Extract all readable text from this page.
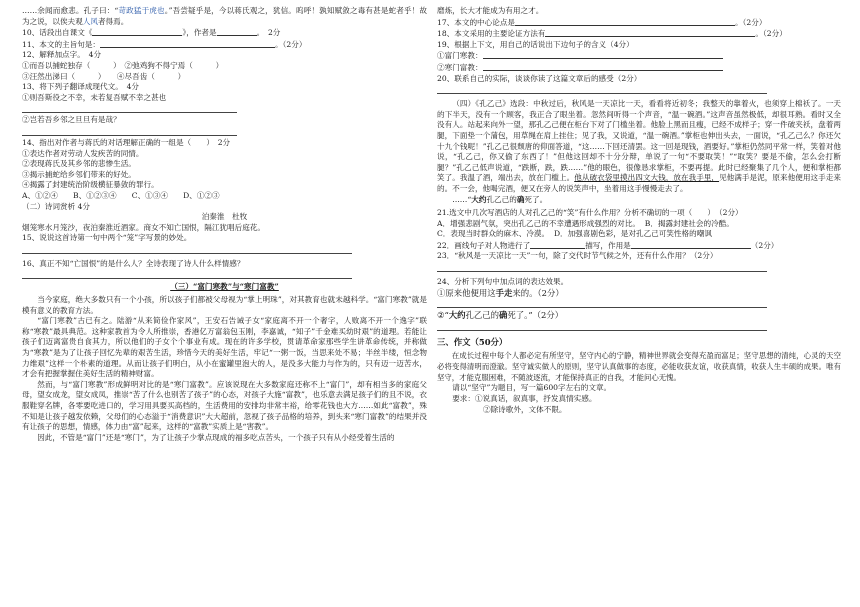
……余闻而愈悲。孔子曰：“苛政猛于虎也。”吾尝疑乎是，今以蒋氏观之，犹信。呜呼！孰知赋敛之毒有甚是蛇者乎！故为之说，以俟夫观人风者得焉。
10、话段出自课文《	》，作者是	。　2分
11、本文的主旨句是：	。（2分）
12、解释加点字。　4分
①而吾以捕蛇独存（　　　）　②弛鸡狗不得宁焉（　　　）
③汪然出涕曰（　　　）　　④尽吾齿（　　　）
13、将下列子翻译成现代文。　4分
①则吾斯役之不幸，未若复吾赋不幸之甚也
②岂若吾乡邻之旦旦有是哉？
14、指出对作者与蒋氏的对话理解正确的一组是（　　）　2分
①表达作者对劳动人发疾苦的同情。
②表现蒋氏及其乡邻的悲惨生活。
③揭示捕蛇给乡邻们带来的好处。
④揭露了封建统治阶级横征暴敛的罪行。
A、①②④　　B、①②③④　　C、①③④　　D、①②③
（二）诗词赏析 4分
泊秦淮　杜牧
烟笼寒水月笼沙，夜泊秦淮近酒家。商女不知亡国恨，隔江犹唱后庭花。
15、说说这首诗第一句中两个“笼”字写景的妙处。
16、真正不知“亡国恨”的是什么人？全诗表现了诗人什么样情感？
（三）“富门寒教”与“寒门富教”
当今家庭，绝大多数只有一个小孩，所以孩子们都被父母视为“掌上明珠”，对其教育也就未越科学。“富门寒教”就是模有意义的教育方法。
“富门寒教”古已有之。陆游“从来简俭作家风”，王安石告诫子女“家庭离不开一个奢字，人败离不开一个逸字”联称“寒教”最具典范。这种家教首为令人所推崇，香港亿万富翁包玉刚，李嘉诚，“知子”千金难买幼时艰”的道理。若能让孩子们迈离富贵自食其力，所以他们的子女个个事业有成。现在的许多学校，贯请革命家那些学生讲革命传统，并称做为“寒教”是为了让孩子回忆先辈的艰苦生活，珍惜今天的美好生活，牢记“一粥一饭，当思来处不易；半丝半缕，恒念物力维艰”这样一个朴素的道理。从而让孩子们明白，从小在蜜罐里泡大的人，是没多大能力与作为的，只有迈一迈苦水，才会有把握掌握住美好生活的精神财富。
然而，与“富门寒教”形成鲜明对比的是“寒门富教”。应该说现在大多数家庭还称不上“富门”，却有相当多的家庭父母，望女成龙，望女成凤，推崇“苦了什么也别苦了孩子”的心态，对孩子大施“富教”，也乐意去满足孩子们的且不说，衣服鞋穿名牌，各零要吃进口的，学习用具要买高档的，生活费用的安排均非常丰裕，给零花钱也大方……如此“富教”，殊不知是让孩子越发依赖，父母们的心态溢于“消费意识”大大超前，忽视了孩子品格的培养，到头来“寒门富教”的结果并没有让孩子的思想，情感，体力由“富”起来，这样的“富教”实质上是“害教”。
因此，不管是“富门”还是“寒门”，为了让孩子少掌点现成的福多吃点苦头，一个孩子只有从小经受着生活的
磨炼，长大才能成为有用之才。
17、本文的中心论点是	。（2分）
18、本文采用的主要论证方法有	。（2分）
19、根据上下文，用自己的话说出下边句子的含义（4分）
①富门寒教：
②寒门富教：
20、联系自己的实际，谈谈你读了这篇文章后的感受（2分）
（四）《孔乙己》选段：中秋过后，秋风是一天凉比一天，看看将近初冬；我整天的靠着火，也须穿上棉袄了。一天的下半天，没有一个顾客，我正合了眼坐着。忽然间听得一个声音，“温一碗酒。”这声音虽然极低，却很耳熟。看时又全没有人。站起来向外一望，那孔乙己便在柜台下对了门槛坐着。他脸上黑而且瘦，已经不成样子；穿一件破夹袄，盘着两腿，下面垫一个蒲包，用草绳在肩上挂住；见了我，又说道，“温一碗酒。”掌柜也伸出头去，一面说，“孔乙己么？你还欠十九个钱呢！”孔乙己很颓唐的仰面答道，“这……下回还清罢。这一回是现钱，酒要好。”掌柜仍然同平常一样，笑着对他说，“孔乙己，你又偷了东西了！”但他这回却不十分分辩，单说了一句“不要取笑！”“取笑？要是不偷，怎么会打断腿？”孔乙己低声说道，“跌断，跌，跌……”他的眼色，很像恳求掌柜，不要再提。此时已经聚集了几个人，便和掌柜都笑了。我温了酒，端出去，放在门槛上。他从破衣袋里摸出四文大钱，放在我手里，见他满手是泥，原来他便用这手走来的。不一会，他喝完酒，便又在旁人的说笑声中，坐着用这手慢慢走去了。
……“大约孔乙己的确死了。
21.选文中几次写酒店的人对孔乙己的“笑”有什么作用？分析不确切的一项（　　）　（2分）
A．增强悲剧气氛，突出孔乙己的不幸遭遇形成强烈的对比。 B．揭露封建社会的冷酷。
C．表现当时群众的麻木、冷漠。 D．加强喜剧色彩，是对孔乙己可笑性格的嘲讽
22．画线句子对人物进行了	描写，作用是	（2分）
23．“秋风是一天凉比一天”一句，除了交代时节气候之外，还有什么作用？（2分）
24、分析下列句中加点词的表达效果。
①原来他便用这手走来的。（2分）
②“大约孔乙己的确死了。”（2分）
三、作文（50分）
在成长过程中每个人都必定有所坚守，坚守内心的宁静，精神世界就会变得充盈而富足；坚守思想的清纯，心灵的天空必将变得清明而澄澈。坚守诚实做人的原则，坚守认真做事的态度，必能收获友谊，收获真情，收获人生丰硕的成果。唯有坚守，才能克服困难，不随波逐流，才能保持真正的自我，才能问心无愧。
请以“坚守”为题目，写一篇600字左右的文章。
要求：①说真话，叙真事，抒发真情实感。
②除诗歌外，文体不限。
